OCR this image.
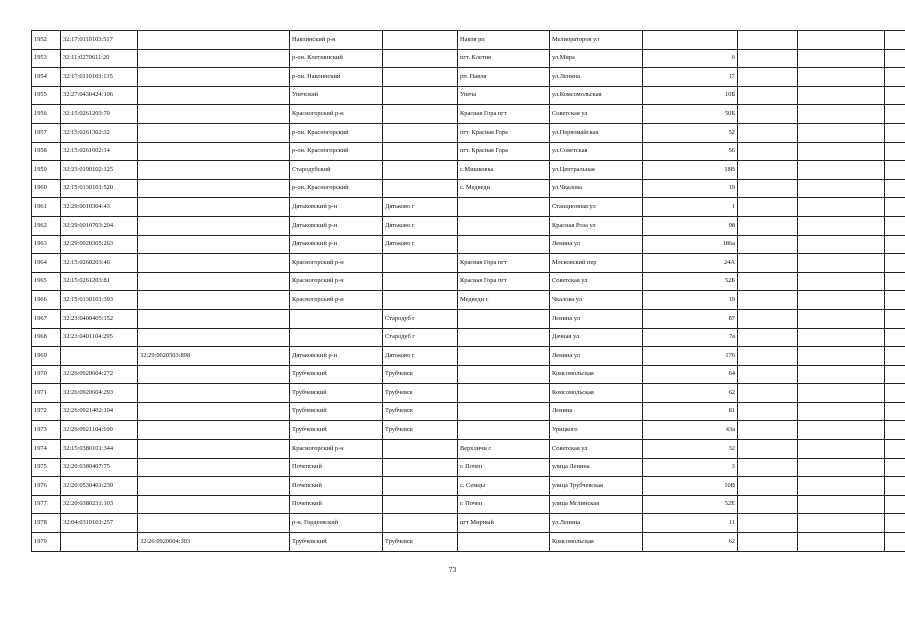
1952	32:17:0110103:517		Навлинский р-н		Навля рп	Мелиораторов ул				
1953	32:11:0270611:20		р-он. Клетнянский		пгт. Клетня	ул.Мира	6			
1954	32:17:0110103:135		р-он. Навлинский		рп. Навля	ул.Ленина	17			
1955	32:27:0430424:106		Унечский		Унеча	ул.Комсомольская	10Б			
1956	32:15:0261203:70		Красногорский р-н		Красная Гора пгт	Советская ул	50Б			
1957	32:15:0261302:32		р-он. Красногорский		пгт. Красная Гора	ул.Первомайская	52			
1958	32:15:0261602:14		р-он. Красногорский		пгт. Красная Гора	ул.Советская	56			
1959	32:23:0190102:125		Стародубский		с.Мишковка	ул.Центральная	18В			
1960	32:15:0130101:520		р-он. Красногорский		с. Медведи	ул.Чкалова	19			
1961	32:29:0010304:43		Дятьковский р-н	Дятьково г		Станционная ул	1			
1962	32:29:0010703:204		Дятьковский р-н	Дятьково г		Красная Роза ул	98			
1963	32:29:0020305:263		Дятьковский р-н	Дятьково г		Ленина ул	186а			
1964	32:15:0260203:46		Красногорский р-н		Красная Гора пгт	Московский пер	24А			
1965	32:15:0261203:81		Красногорский р-н		Красная Гора пгт	Советская ул	52Б			
1966	32:15:0130101:393		Красногорский р-н		Медведи с	Чкалова ул	19			
1967	32:23:0400405:152			Стародуб г		Ленина ул	87			
1968	32:23:0401104:295			Стародуб г		Дачная ул	7а			
1969		32:29:0020503:898	Дятьковский р-н	Дятьково г		Ленина ул	176			
1970	32:26:0920604:272		Трубчевский	Трубчевск		Комсомольская	64			
1971	32:26:0920604:293		Трубчевский	Трубчевск		Комсомольская	62			
1972	32:26:0921402:104		Трубчевский	Трубчевск		Ленина	81			
1973	32:26:0921104:100		Трубчевский	Трубчевск		Урицкого	43а			
1974	32:15:0380101:344		Красногорский р-н		Верхличи с	Советская ул	32			
1975	32:20:0380407:75		Почепский		г. Почеп	улица Ленина	3			
1976	32:20:0530401:230		Почепский		с. Семцы	улица Трубчевская	10В			
1977	32:20:0380231:103		Почепский		г. Почеп	улица Мглинская	52Е			
1978	32:04:0310101:257		р-н. Гордеевский		пгт Мирный	ул.Ленина	11			
1979		32:26:0920604:303	Трубчевский	Трубчевск		Комсомольская	62			
73
